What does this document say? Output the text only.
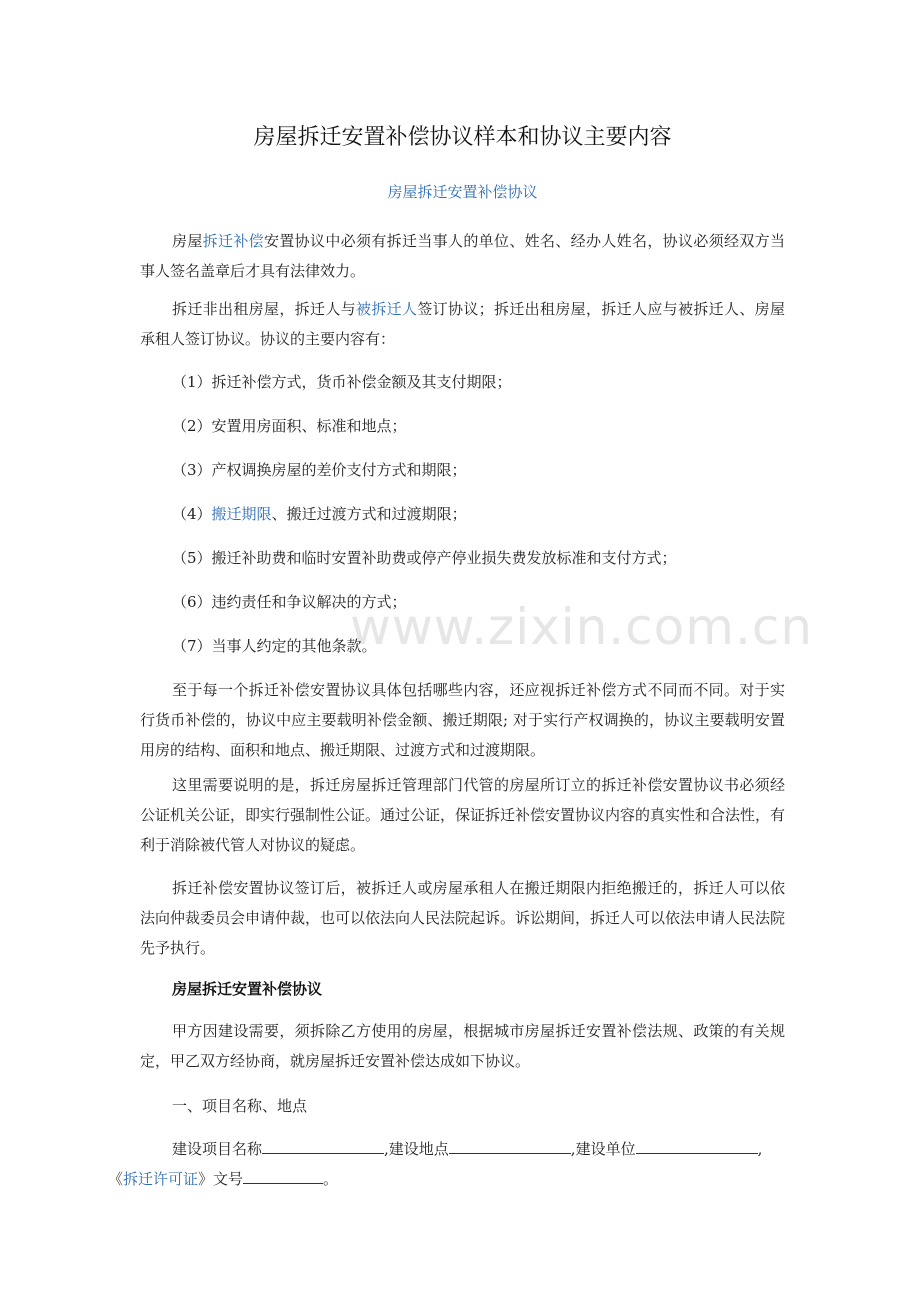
www.zixin.com.cn
房屋拆迁安置补偿协议样本和协议主要内容
房屋拆迁安置补偿协议
房屋拆迁补偿安置协议中必须有拆迁当事人的单位、姓名、经办人姓名，协议必须经双方当事人签名盖章后才具有法律效力。
拆迁非出租房屋，拆迁人与被拆迁人签订协议；拆迁出租房屋，拆迁人应与被拆迁人、房屋承租人签订协议。协议的主要内容有：
（1）拆迁补偿方式，货币补偿金额及其支付期限；
（2）安置用房面积、标准和地点；
（3）产权调换房屋的差价支付方式和期限；
（4）搬迁期限、搬迁过渡方式和过渡期限；
（5）搬迁补助费和临时安置补助费或停产停业损失费发放标准和支付方式；
（6）违约责任和争议解决的方式；
（7）当事人约定的其他条款。
至于每一个拆迁补偿安置协议具体包括哪些内容，还应视拆迁补偿方式不同而不同。对于实行货币补偿的，协议中应主要载明补偿金额、搬迁期限; 对于实行产权调换的，协议主要载明安置用房的结构、面积和地点、搬迁期限、过渡方式和过渡期限。
这里需要说明的是，拆迁房屋拆迁管理部门代管的房屋所订立的拆迁补偿安置协议书必须经公证机关公证，即实行强制性公证。通过公证，保证拆迁补偿安置协议内容的真实性和合法性，有利于消除被代管人对协议的疑虑。
拆迁补偿安置协议签订后，被拆迁人或房屋承租人在搬迁期限内拒绝搬迁的，拆迁人可以依法向仲裁委员会申请仲裁，也可以依法向人民法院起诉。诉讼期间，拆迁人可以依法申请人民法院先予执行。
房屋拆迁安置补偿协议
甲方因建设需要，须拆除乙方使用的房屋，根据城市房屋拆迁安置补偿法规、政策的有关规定，甲乙双方经协商，就房屋拆迁安置补偿达成如下协议。
一、项目名称、地点
建设项目名称	,建设地点	,建设单位	,
《拆迁许可证》文号	。
